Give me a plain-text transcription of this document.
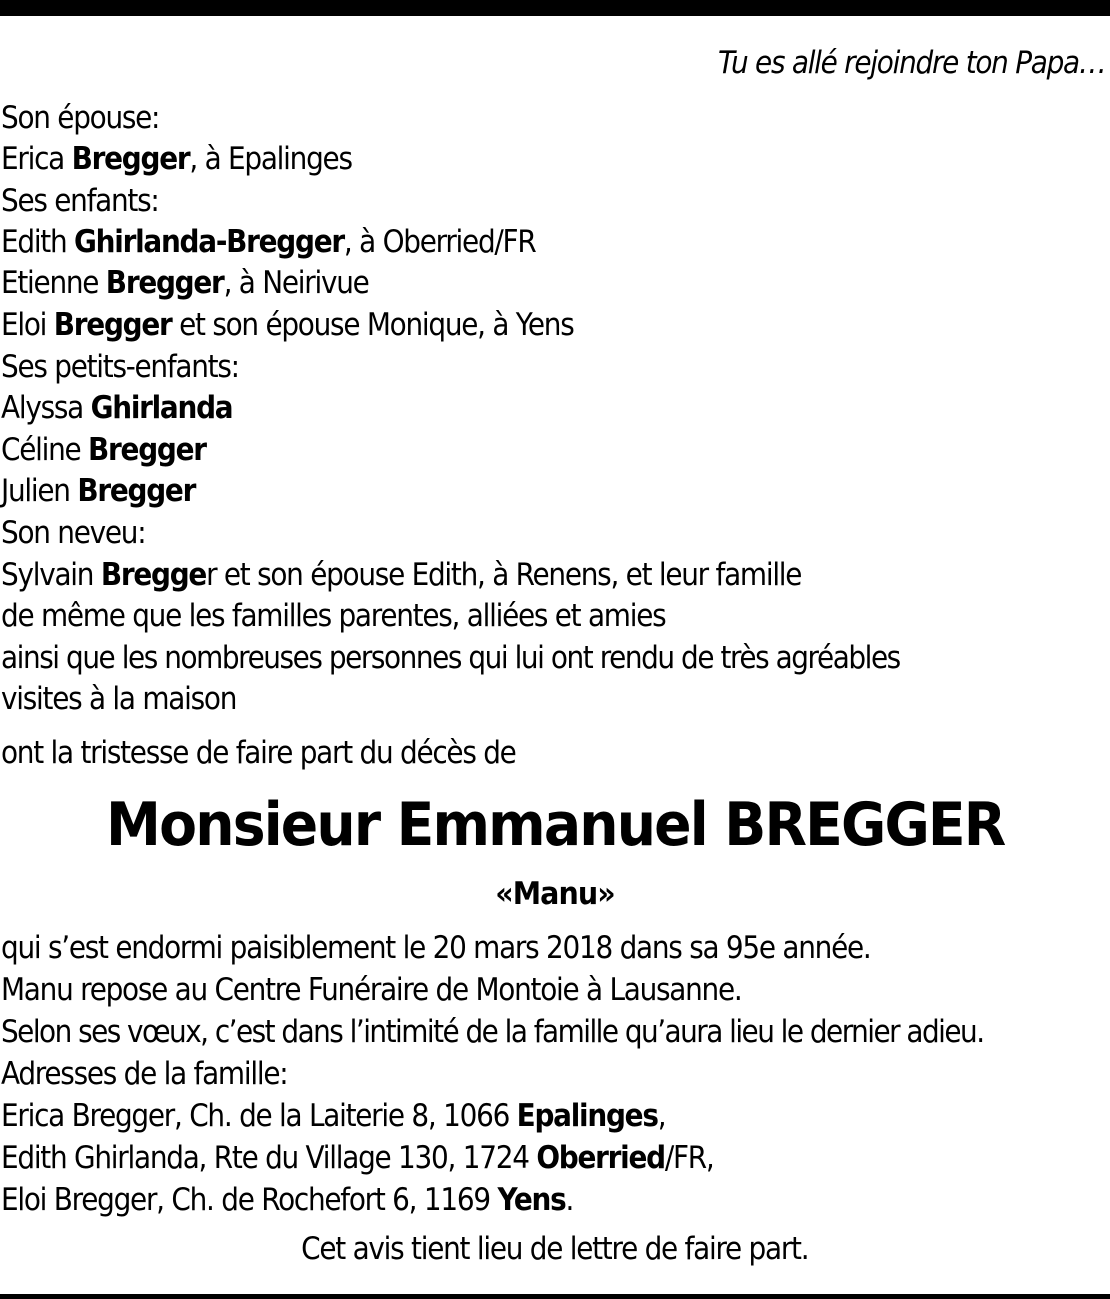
Tu es allé rejoindre ton Papa…
Son épouse:
Erica Bregger, à Epalinges
Ses enfants:
Edith Ghirlanda-Bregger, à Oberried/FR
Etienne Bregger, à Neirivue
Eloi Bregger et son épouse Monique, à Yens
Ses petits-enfants:
Alyssa Ghirlanda
Céline Bregger
Julien Bregger
Son neveu:
Sylvain Bregger et son épouse Edith, à Renens, et leur famille
de même que les familles parentes, alliées et amies
ainsi que les nombreuses personnes qui lui ont rendu de très agréables
visites à la maison
ont la tristesse de faire part du décès de
Monsieur Emmanuel BREGGER
«Manu»
qui s’est endormi paisiblement le 20 mars 2018 dans sa 95e année.
Manu repose au Centre Funéraire de Montoie à Lausanne.
Selon ses vœux, c’est dans l’intimité de la famille qu’aura lieu le dernier adieu.
Adresses de la famille:
Erica Bregger, Ch. de la Laiterie 8, 1066 Epalinges,
Edith Ghirlanda, Rte du Village 130, 1724 Oberried/FR,
Eloi Bregger, Ch. de Rochefort 6, 1169 Yens.
Cet avis tient lieu de lettre de faire part.
